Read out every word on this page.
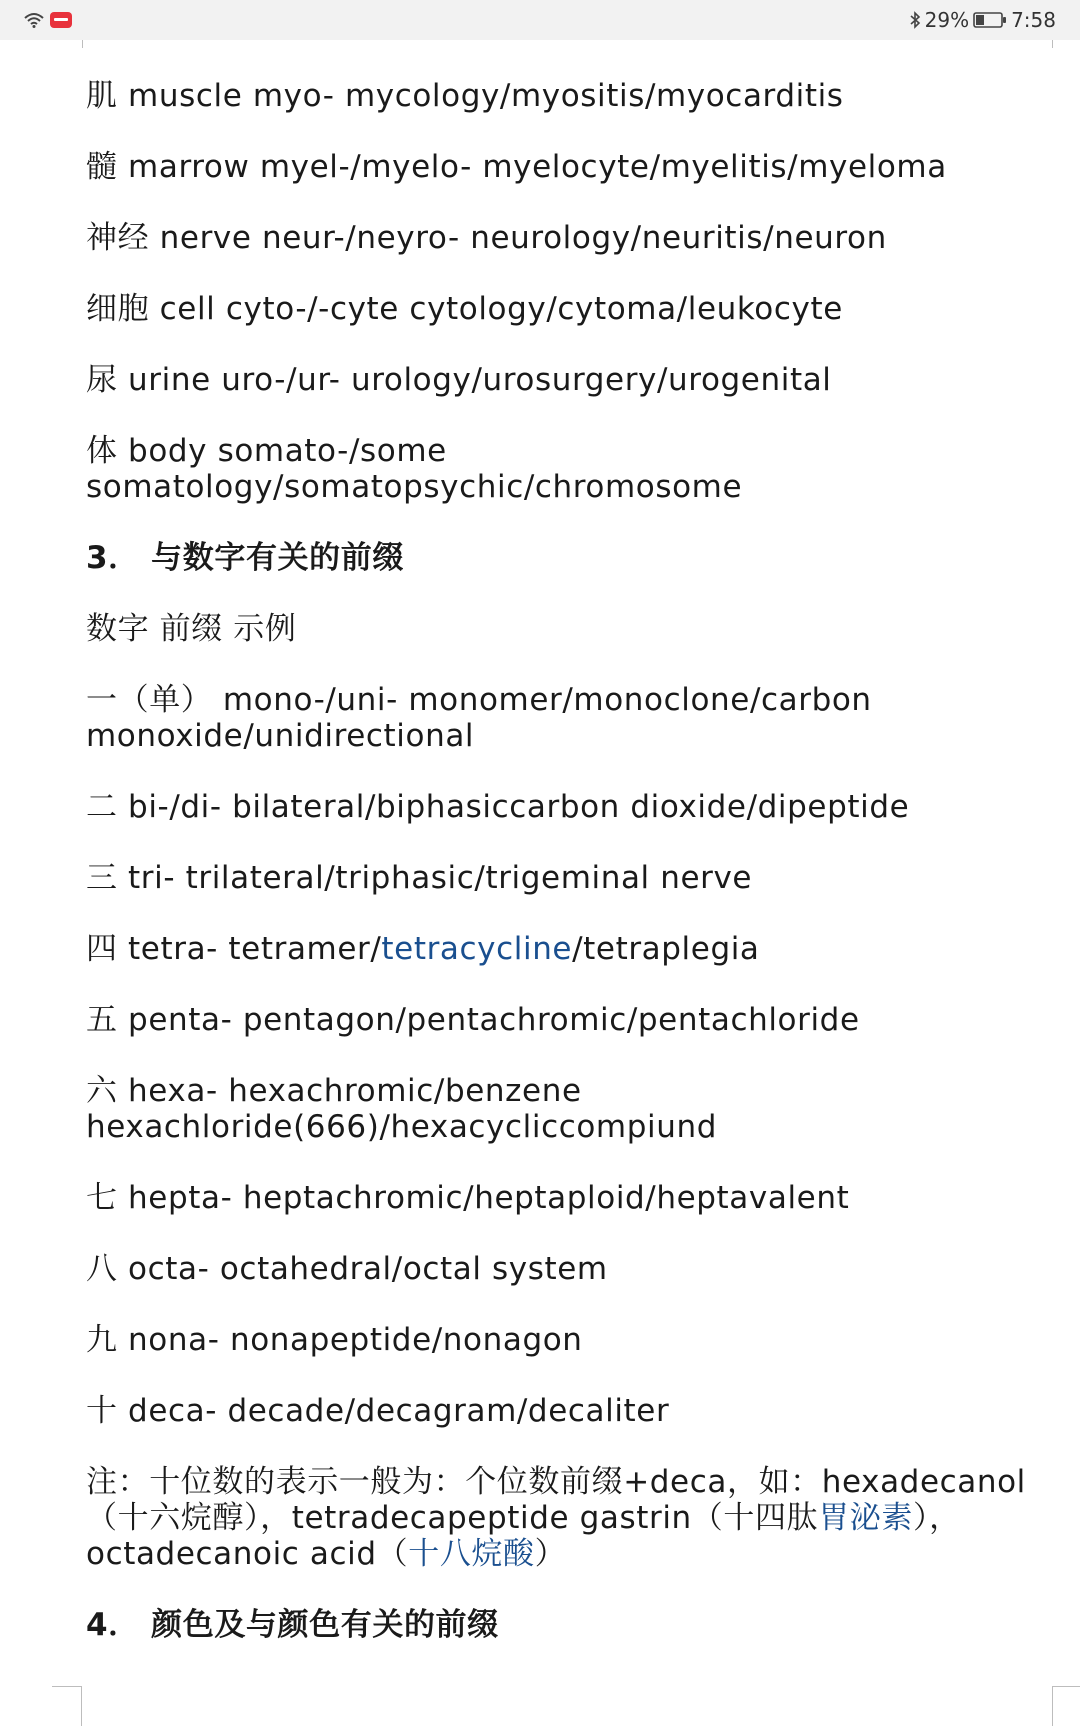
29% 7:58
肌 muscle myo- mycology/myositis/myocarditis
髓 marrow myel-/myelo- myelocyte/myelitis/myeloma
神经 nerve neur-/neyro- neurology/neuritis/neuron
细胞 cell cyto-/-cyte cytology/cytoma/leukocyte
尿 urine uro-/ur- urology/urosurgery/urogenital
体 body somato-/some somatology/somatopsychic/chromosome
3． 与数字有关的前缀
数字 前缀 示例
一（单） mono-/uni- monomer/monoclone/carbon monoxide/unidirectional
二 bi-/di- bilateral/biphasiccarbon dioxide/dipeptide
三 tri- trilateral/triphasic/trigeminal nerve
四 tetra- tetramer/tetracycline/tetraplegia
五 penta- pentagon/pentachromic/pentachloride
六 hexa- hexachromic/benzene hexachloride(666)/hexacycliccompiund
七 hepta- heptachromic/heptaploid/heptavalent
八 octa- octahedral/octal system
九 nona- nonapeptide/nonagon
十 deca- decade/decagram/decaliter
注：十位数的表示一般为：个位数前缀+deca，如：hexadecanol（十六烷醇），tetradecapeptide gastrin（十四肽胃泌素），octadecanoic acid（十八烷酸）
4． 颜色及与颜色有关的前缀
